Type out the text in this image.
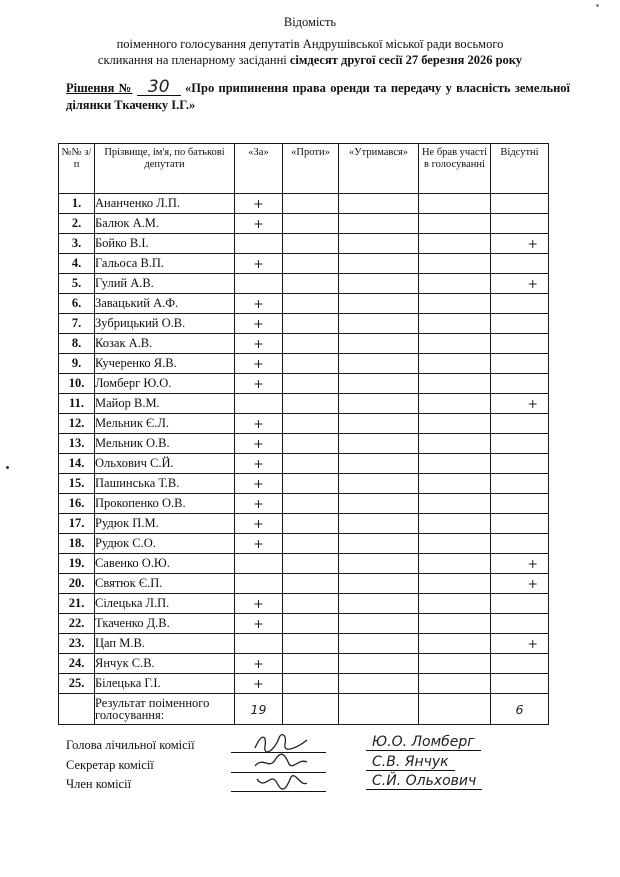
Відомість
поіменного голосування депутатів Андрушівської міської ради восьмого
скликання на пленарному засіданні сімдесят другої сесії 27 березня 2026 року
Рішення № 30 «Про припинення права оренди та передачу у власність земельної ділянки Ткаченку І.Г.»
№№ з/п	Прізвище, ім'я, по батькові депутати	«За»	«Проти»	«Утримався»	Не брав участі в голосуванні	Відсутні
1.	Ананченко Л.П.	+				
2.	Балюк А.М.	+				
3.	Бойко В.І.					+
4.	Гальоса В.П.	+				
5.	Гулий А.В.					+
6.	Завацький А.Ф.	+				
7.	Зубрицький О.В.	+				
8.	Козак А.В.	+				
9.	Кучеренко Я.В.	+				
10.	Ломберг Ю.О.	+				
11.	Майор В.М.					+
12.	Мельник Є.Л.	+				
13.	Мельник О.В.	+				
14.	Ольхович С.Й.	+				
15.	Пашинська Т.В.	+				
16.	Прокопенко О.В.	+				
17.	Рудюк П.М.	+				
18.	Рудюк С.О.	+				
19.	Савенко О.Ю.					+
20.	Святюк Є.П.					+
21.	Сілецька Л.П.	+				
22.	Ткаченко Д.В.	+				
23.	Цап М.В.					+
24.	Янчук С.В.	+				
25.	Білецька Г.І.	+				
	Результат поіменного голосування:	19				6
Голова лічильної комісії	Ю.О. Ломберг
Секретар комісії	С.В. Янчук
Член комісії	С.Й. Ольхович
